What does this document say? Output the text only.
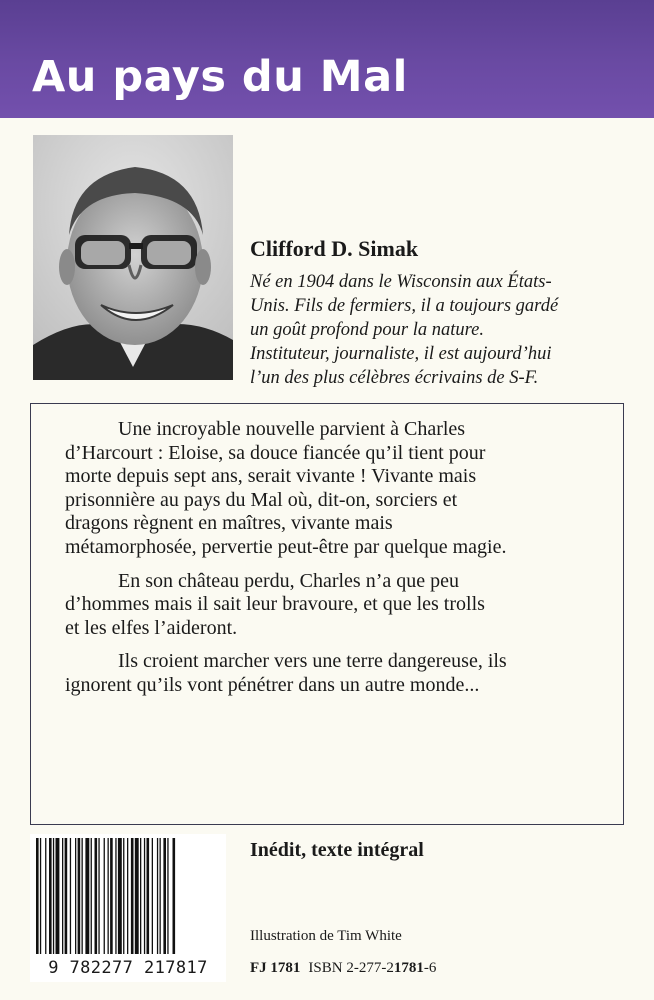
Au pays du Mal
Clifford D. Simak
Né en 1904 dans le Wisconsin aux États-
Unis. Fils de fermiers, il a toujours gardé
un goût profond pour la nature.
Instituteur, journaliste, il est aujourd’hui
l’un des plus célèbres écrivains de S-F.

Une incroyable nouvelle parvient à Charles
d’Harcourt : Eloise, sa douce fiancée qu’il tient pour
morte depuis sept ans, serait vivante ! Vivante mais
prisonnière au pays du Mal où, dit-on, sorciers et
dragons règnent en maîtres, vivante mais
métamorphosée, pervertie peut-être par quelque magie.

En son château perdu, Charles n’a que peu
d’hommes mais il sait leur bravoure, et que les trolls
et les elfes l’aideront.

Ils croient marcher vers une terre dangereuse, ils
ignorent qu’ils vont pénétrer dans un autre monde...

9 782277 217817
Inédit, texte intégral
Illustration de Tim White
FJ 1781 ISBN 2-277-21781-6
